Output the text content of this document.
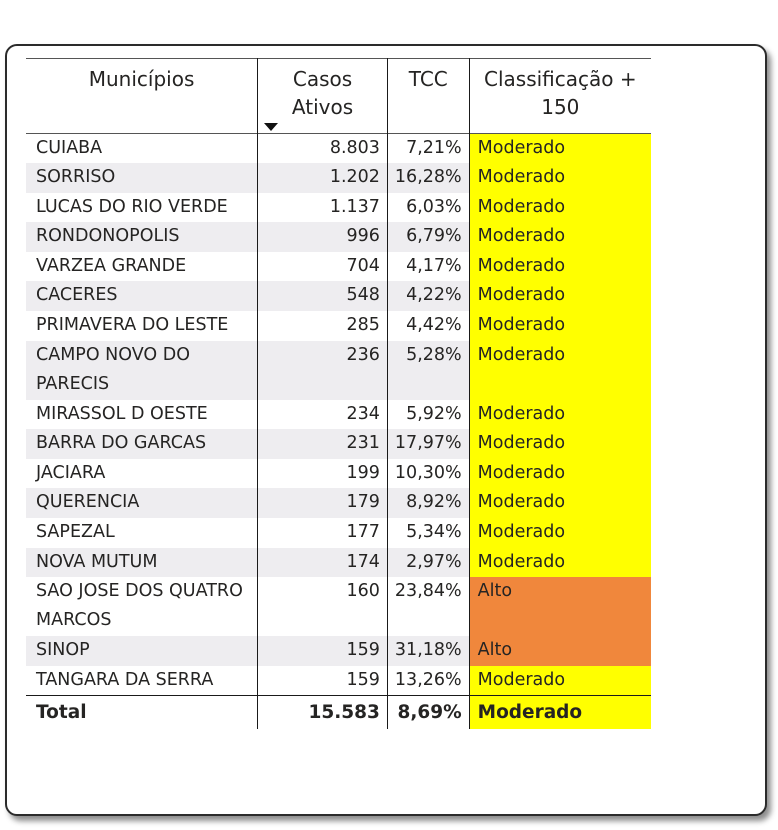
Municípios	Casos Ativos	TCC	Classificação + 150
CUIABA	8.803	7,21%	Moderado
SORRISO	1.202	16,28%	Moderado
LUCAS DO RIO VERDE	1.137	6,03%	Moderado
RONDONOPOLIS	996	6,79%	Moderado
VARZEA GRANDE	704	4,17%	Moderado
CACERES	548	4,22%	Moderado
PRIMAVERA DO LESTE	285	4,42%	Moderado
CAMPO NOVO DO PARECIS	236	5,28%	Moderado
MIRASSOL D OESTE	234	5,92%	Moderado
BARRA DO GARCAS	231	17,97%	Moderado
JACIARA	199	10,30%	Moderado
QUERENCIA	179	8,92%	Moderado
SAPEZAL	177	5,34%	Moderado
NOVA MUTUM	174	2,97%	Moderado
SAO JOSE DOS QUATRO MARCOS	160	23,84%	Alto
SINOP	159	31,18%	Alto
TANGARA DA SERRA	159	13,26%	Moderado
Total	15.583	8,69%	Moderado
